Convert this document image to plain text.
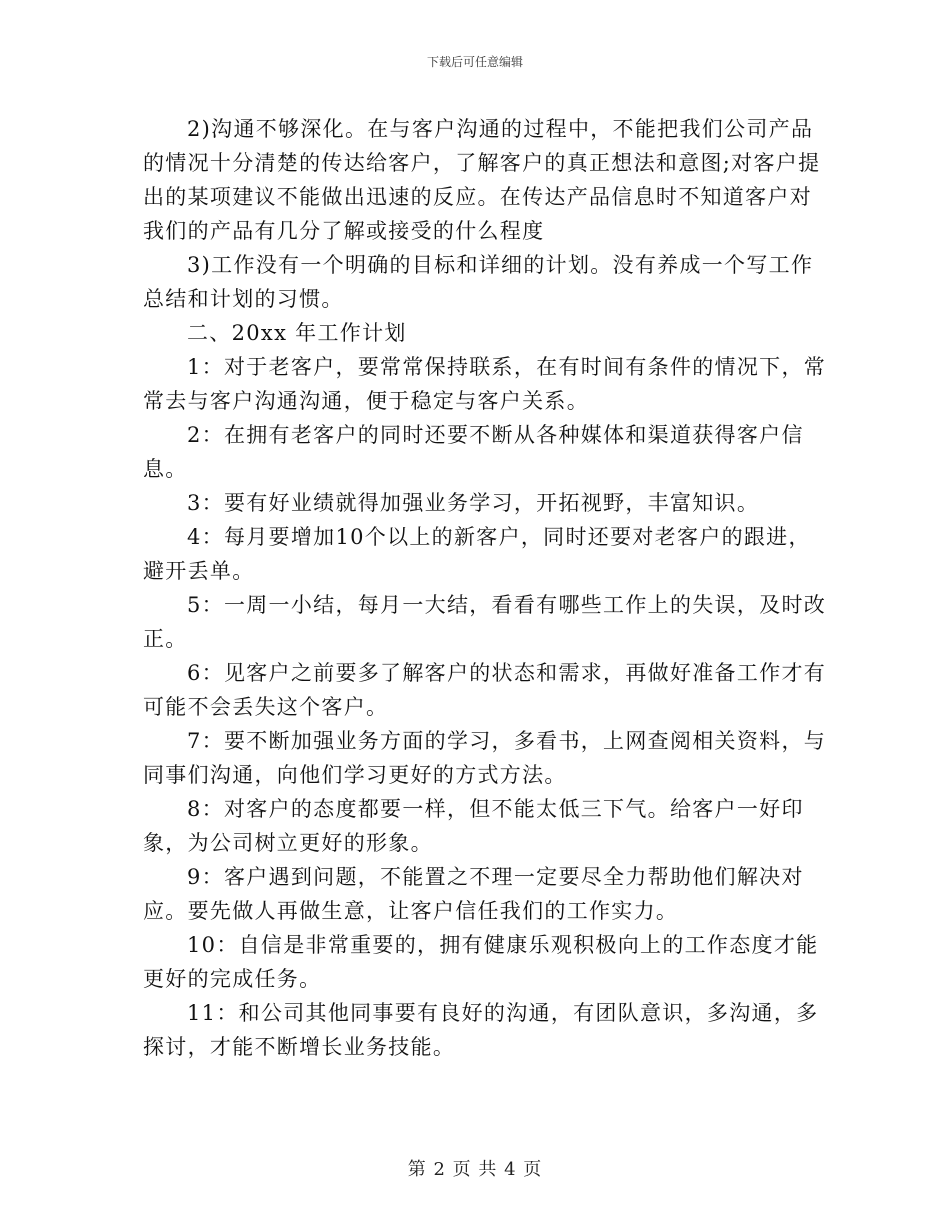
下载后可任意编辑

2)沟通不够深化。在与客户沟通的过程中，不能把我们公司产品的情况十分清楚的传达给客户，了解客户的真正想法和意图;对客户提出的某项建议不能做出迅速的反应。在传达产品信息时不知道客户对我们的产品有几分了解或接受的什么程度

3)工作没有一个明确的目标和详细的计划。没有养成一个写工作总结和计划的习惯。

二、20xx 年工作计划

1：对于老客户，要常常保持联系，在有时间有条件的情况下，常常去与客户沟通沟通，便于稳定与客户关系。

2：在拥有老客户的同时还要不断从各种媒体和渠道获得客户信息。

3：要有好业绩就得加强业务学习，开拓视野，丰富知识。

4：每月要增加10个以上的新客户，同时还要对老客户的跟进，避开丢单。

5：一周一小结，每月一大结，看看有哪些工作上的失误，及时改正。

6：见客户之前要多了解客户的状态和需求，再做好准备工作才有可能不会丢失这个客户。

7：要不断加强业务方面的学习，多看书，上网查阅相关资料，与同事们沟通，向他们学习更好的方式方法。

8：对客户的态度都要一样，但不能太低三下气。给客户一好印象，为公司树立更好的形象。

9：客户遇到问题，不能置之不理一定要尽全力帮助他们解决对应。要先做人再做生意，让客户信任我们的工作实力。

10：自信是非常重要的，拥有健康乐观积极向上的工作态度才能更好的完成任务。

11：和公司其他同事要有良好的沟通，有团队意识，多沟通，多探讨，才能不断增长业务技能。

第 2 页 共 4 页
